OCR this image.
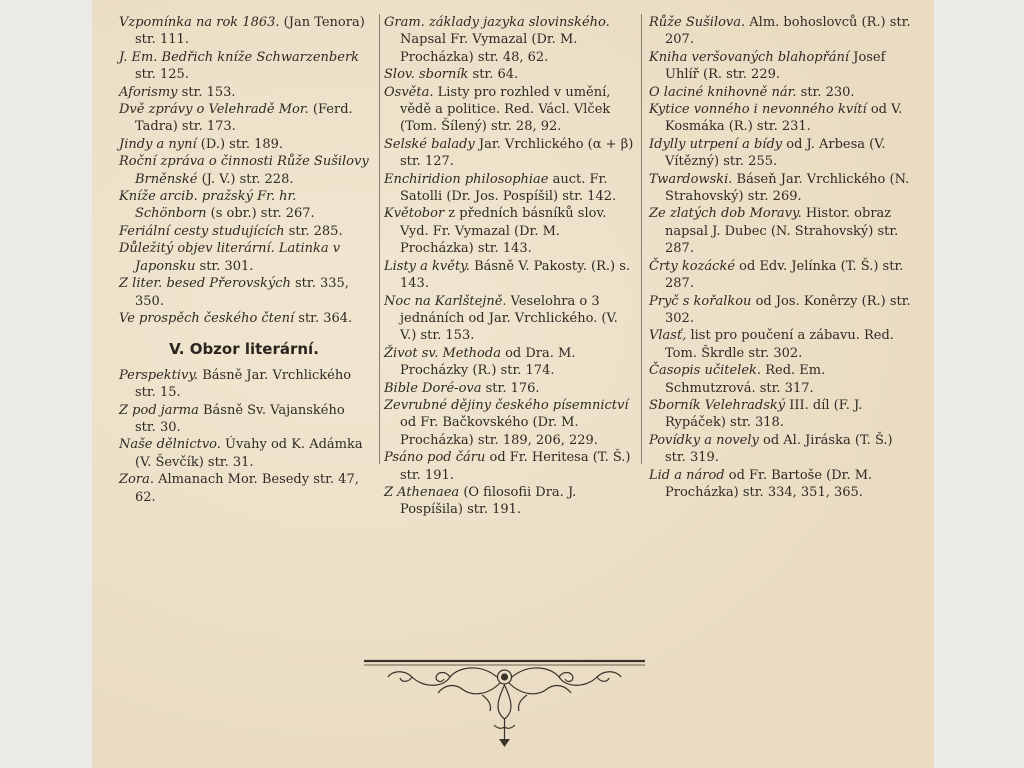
Vzpomínka na rok 1863. (Jan Tenora) str. 111.

J. Em. Bedřich kníže Schwarzenberk str. 125.

Aforismy str. 153.

Dvě zprávy o Velehradě Mor. (Ferd. Tadra) str. 173.

Jindy a nyní (D.) str. 189.

Roční zpráva o činnosti Růže Sušilovy Brněnské (J. V.) str. 228.

Kníže arcib. pražský Fr. hr. Schönborn (s obr.) str. 267.

Feriální cesty studujících str. 285.

Důležitý objev literární. Latinka v Japonsku str. 301.

Z liter. besed Přerovských str. 335, 350.

Ve prospěch českého čtení str. 364.

V. Obzor literární.

Perspektivy. Básně Jar. Vrchlického str. 15.

Z pod jarma Básně Sv. Vajanského str. 30.

Naše dělnictvo. Úvahy od K. Adámka (V. Ševčík) str. 31.

Zora. Almanach Mor. Besedy str. 47, 62.

Gram. základy jazyka slovinského. Napsal Fr. Vymazal (Dr. M. Procházka) str. 48, 62.

Slov. sborník str. 64.

Osvěta. Listy pro rozhled v umění, vědě a politice. Red. Václ. Vlček (Tom. Šílený) str. 28, 92.

Selské balady Jar. Vrchlického (α + β) str. 127.

Enchiridion philosophiae auct. Fr. Satolli (Dr. Jos. Pospíšil) str. 142.

Květobor z předních básníků slov. Vyd. Fr. Vymazal (Dr. M. Procházka) str. 143.

Listy a květy. Básně V. Pakosty. (R.) s. 143.

Noc na Karlštejně. Veselohra o 3 jednáních od Jar. Vrchlického. (V. V.) str. 153.

Život sv. Methoda od Dra. M. Procházky (R.) str. 174.

Bible Doré-ova str. 176.

Zevrubné dějiny českého písemnictví od Fr. Bačkovského (Dr. M. Procházka) str. 189, 206, 229.

Psáno pod čáru od Fr. Heritesa (T. Š.) str. 191.

Z Athenaea (O filosofii Dra. J. Pospíšila) str. 191.

Růže Sušilova. Alm. bohoslovců (R.) str. 207.

Kniha veršovaných blahopřání Josef Uhlíř (R. str. 229.

O laciné knihovně nár. str. 230.

Kytice vonného i nevonného kvítí od V. Kosmáka (R.) str. 231.

Idylly utrpení a bídy od J. Arbesa (V. Vítězný) str. 255.

Twardowski. Báseň Jar. Vrchlického (N. Strahovský) str. 269.

Ze zlatých dob Moravy. Histor. obraz napsal J. Dubec (N. Strahovský) str. 287.

Črty kozácké od Edv. Jelínka (T. Š.) str. 287.

Pryč s kořalkou od Jos. Konêrzy (R.) str. 302.

Vlasť, list pro poučení a zábavu. Red. Tom. Škrdle str. 302.

Časopis učitelek. Red. Em. Schmutzrová. str. 317.

Sborník Velehradský III. díl (F. J. Rypáček) str. 318.

Povídky a novely od Al. Jiráska (T. Š.) str. 319.

Lid a národ od Fr. Bartoše (Dr. M. Procházka) str. 334, 351, 365.
